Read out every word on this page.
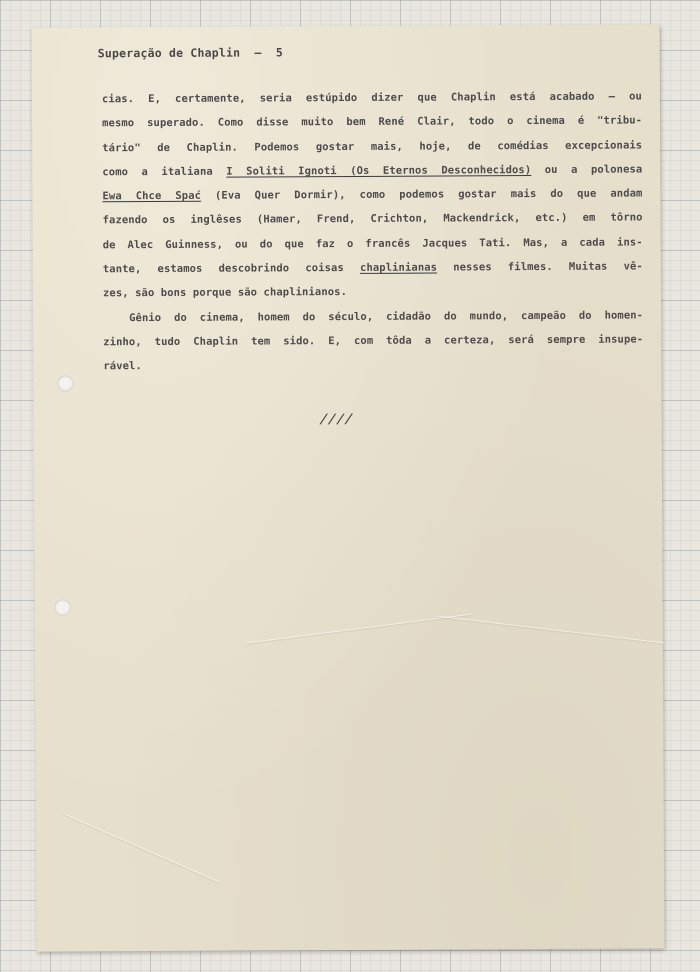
Superação de Chaplin – 5
cias. E, certamente, seria estúpido dizer que Chaplin está acabado — ou
mesmo superado. Como disse muito bem René Clair, todo o cinema é "tribu-
tário" de Chaplin. Podemos gostar mais, hoje, de comédias excepcionais
como a italiana I Soliti Ignoti (Os Eternos Desconhecidos) ou a polonesa
Ewa Chce Spać (Eva Quer Dormir), como podemos gostar mais do que andam
fazendo os inglêses (Hamer, Frend, Crichton, Mackendrick, etc.) em tôrno
de Alec Guinness, ou do que faz o francês Jacques Tati. Mas, a cada ins-
tante, estamos descobrindo coisas chaplinianas nesses filmes. Muitas vê-
zes, são bons porque são chaplinianos.
Gênio do cinema, homem do século, cidadão do mundo, campeão do homen-
zinho, tudo Chaplin tem sido. E, com tôda a certeza, será sempre insupe-
rável.
////
